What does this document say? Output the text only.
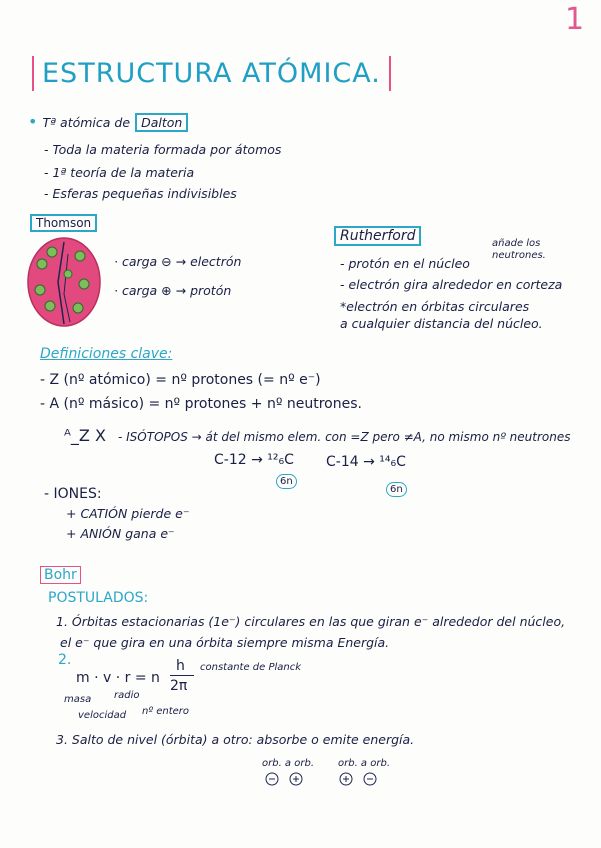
1
ESTRUCTURA ATÓMICA.
• Tª atómica de Dalton
- Toda la materia formada por átomos
- 1ª teoría de la materia
- Esferas pequeñas indivisibles
Thomson
· carga ⊖ → electrón
· carga ⊕ → protón
Rutherford	añade los neutrones.
- protón en el núcleo
- electrón gira alrededor en corteza
*electrón en órbitas circulares
a cualquier distancia del núcleo.
Definiciones clave:
- Z (nº atómico) = nº protones (= nº e⁻)
- A (nº másico) = nº protones + nº neutrones.
ᴬ_Z X - ISÓTOPOS → át del mismo elem. con =Z pero ≠A, no mismo nº neutrones
C-12 → ¹²₆C C-14 → ¹⁴₆C
6n
6n
- IONES:
+ CATIÓN pierde e⁻
+ ANIÓN gana e⁻
Bohr
POSTULADOS:
1. Órbitas estacionarias (1e⁻) circulares en las que giran e⁻ alrededor del núcleo,
el e⁻ que gira en una órbita siempre misma Energía.
2.
m · v · r = n
h
2π
constante de Planck
masa radio
velocidad nº entero
3. Salto de nivel (órbita) a otro: absorbe o emite energía.
orb. a orb. orb. a orb.
